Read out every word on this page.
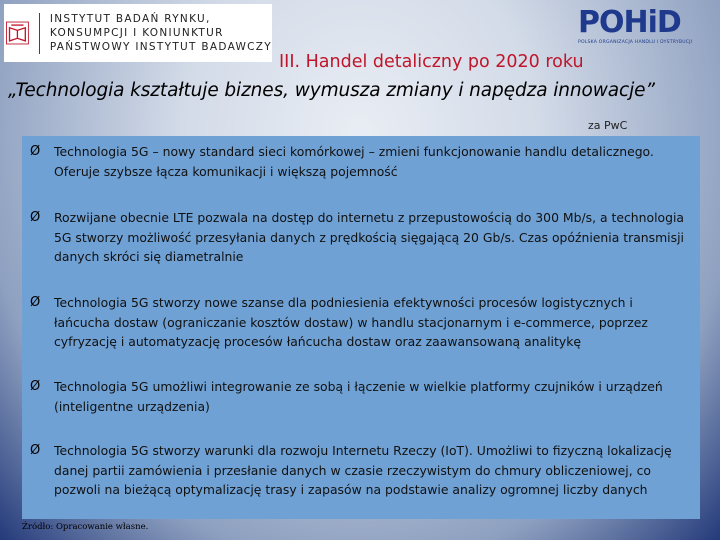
INSTYTUT BADAŃ RYNKU,
KONSUMPCJI I KONIUNKTUR
PAŃSTWOWY INSTYTUT BADAWCZY
POHiD
POLSKA ORGANIZACJA HANDLU I DYSTRYBUCJI
III. Handel detaliczny po 2020 roku
„Technologia kształtuje biznes, wymusza zmiany i napędza innowacje”
za PwC
Ø	Technologia 5G – nowy standard sieci komórkowej – zmieni funkcjonowanie handlu detalicznego. Oferuje szybsze łącza komunikacji i większą pojemność
Ø	Rozwijane obecnie LTE pozwala na dostęp do internetu z przepustowością do 300 Mb/s, a technologia 5G stworzy możliwość przesyłania danych z prędkością sięgającą 20 Gb/s. Czas opóźnienia transmisji danych skróci się diametralnie
Ø	Technologia 5G stworzy nowe szanse dla podniesienia efektywności procesów logistycznych i łańcucha dostaw (ograniczanie kosztów dostaw) w handlu stacjonarnym i e-commerce, poprzez cyfryzację i automatyzację procesów łańcucha dostaw oraz zaawansowaną analitykę
Ø	Technologia 5G umożliwi integrowanie ze sobą i łączenie w wielkie platformy czujników i urządzeń (inteligentne urządzenia)
Ø	Technologia 5G stworzy warunki dla rozwoju Internetu Rzeczy (IoT). Umożliwi to fizyczną lokalizację danej partii zamówienia i przesłanie danych w czasie rzeczywistym do chmury obliczeniowej, co pozwoli na bieżącą optymalizację trasy i zapasów na podstawie analizy ogromnej liczby danych
Źródło: Opracowanie własne.
